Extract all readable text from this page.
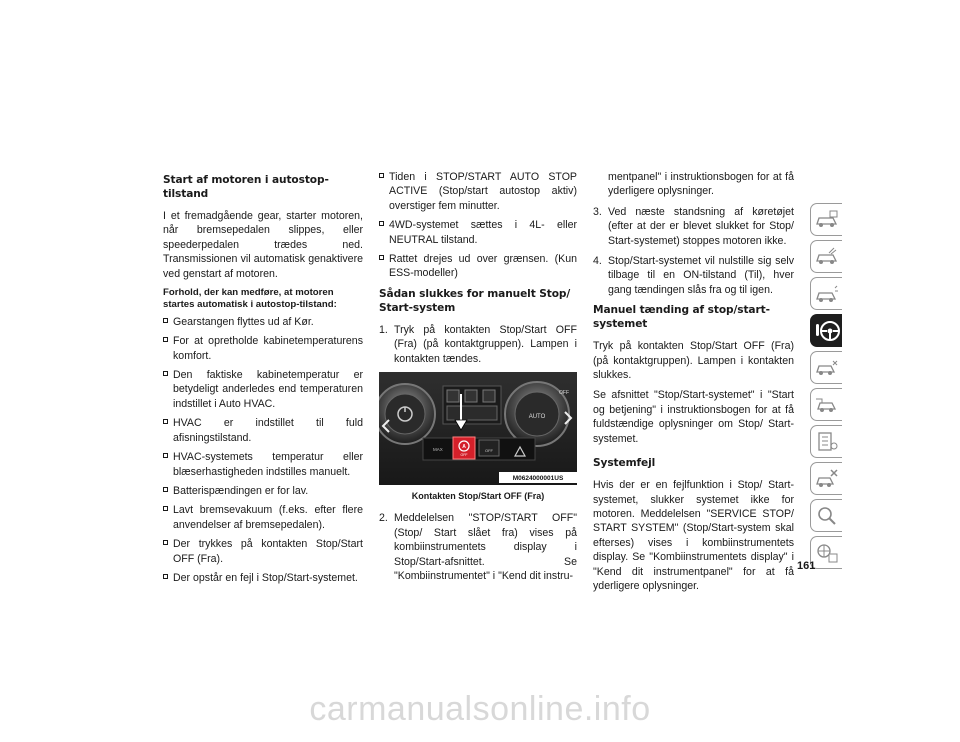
Start af motoren i autostop-tilstand

I et fremadgående gear, starter motoren, når bremsepedalen slippes, eller speederpedalen trædes ned. Transmissionen vil automatisk genaktivere ved genstart af motoren.

Forhold, der kan medføre, at motoren startes automatisk i autostop-tilstand:
Gearstangen flyttes ud af Kør.
For at opretholde kabinetemperaturens komfort.
Den faktiske kabinetemperatur er betydeligt anderledes end temperaturen indstillet i Auto HVAC.
HVAC er indstillet til fuld afisningstilstand.
HVAC-systemets temperatur eller blæserhastigheden indstilles manuelt.
Batterispændingen er for lav.
Lavt bremsevakuum (f.eks. efter flere anvendelser af bremsepedalen).
Der trykkes på kontakten Stop/Start OFF (Fra).
Der opstår en fejl i Stop/Start-systemet.
Tiden i STOP/START AUTO STOP ACTIVE (Stop/start autostop aktiv) overstiger fem minutter.
4WD-systemet sættes i 4L- eller NEUTRAL tilstand.
Rattet drejes ud over grænsen. (Kun ESS-modeller)
Sådan slukkes for manuelt Stop/ Start-system
1. Tryk på kontakten Stop/Start OFF (Fra) (på kontaktgruppen). Lampen i kontakten tændes.
AUTO
OFF
MAX	A
OFF
OFF
M0624000001US
Kontakten Stop/Start OFF (Fra)
2. Meddelelsen "STOP/START OFF" (Stop/ Start slået fra) vises på kombiinstrumentets display i Stop/Start-afsnittet. Se "Kombiinstrumentet" i "Kend dit instru-
mentpanel" i instruktionsbogen for at få yderligere oplysninger.
3. Ved næste standsning af køretøjet (efter at der er blevet slukket for Stop/ Start-systemet) stoppes motoren ikke.
4. Stop/Start-systemet vil nulstille sig selv tilbage til en ON-tilstand (Til), hver gang tændingen slås fra og til igen.
Manuel tænding af stop/start-systemet

Tryk på kontakten Stop/Start OFF (Fra) (på kontaktgruppen). Lampen i kontakten slukkes.

Se afsnittet "Stop/Start-systemet" i "Start og betjening" i instruktionsbogen for at få fuldstændige oplysninger om Stop/ Start-systemet.

Systemfejl

Hvis der er en fejlfunktion i Stop/ Start-systemet, slukker systemet ikke for motoren. Meddelelsen "SERVICE STOP/ START SYSTEM" (Stop/Start-system skal efterses) vises i kombiinstrumentets display. Se "Kombiinstrumentets display" i "Kend dit instrumentpanel" for at få yderligere oplysninger.

161
carmanualsonline.info
